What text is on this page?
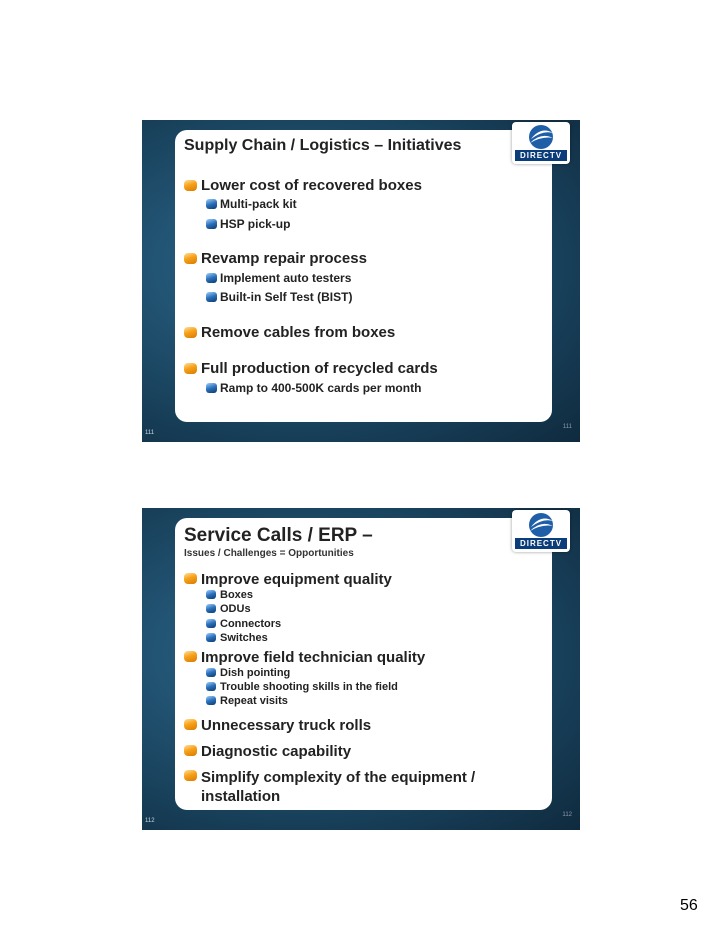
DIRECTV
Supply Chain / Logistics – Initiatives
Lower cost of recovered boxes
Multi-pack kit
HSP pick-up
Revamp repair process
Implement auto testers
Built-in Self Test (BIST)
Remove cables from boxes
Full production of recycled cards
Ramp to 400-500K cards per month
111
111
DIRECTV
Service Calls / ERP –
Issues / Challenges = Opportunities
Improve equipment quality
Boxes
ODUs
Connectors
Switches
Improve field technician quality
Dish pointing
Trouble shooting skills in the field
Repeat visits
Unnecessary truck rolls
Diagnostic capability
Simplify complexity of the equipment / installation
112
112
56
